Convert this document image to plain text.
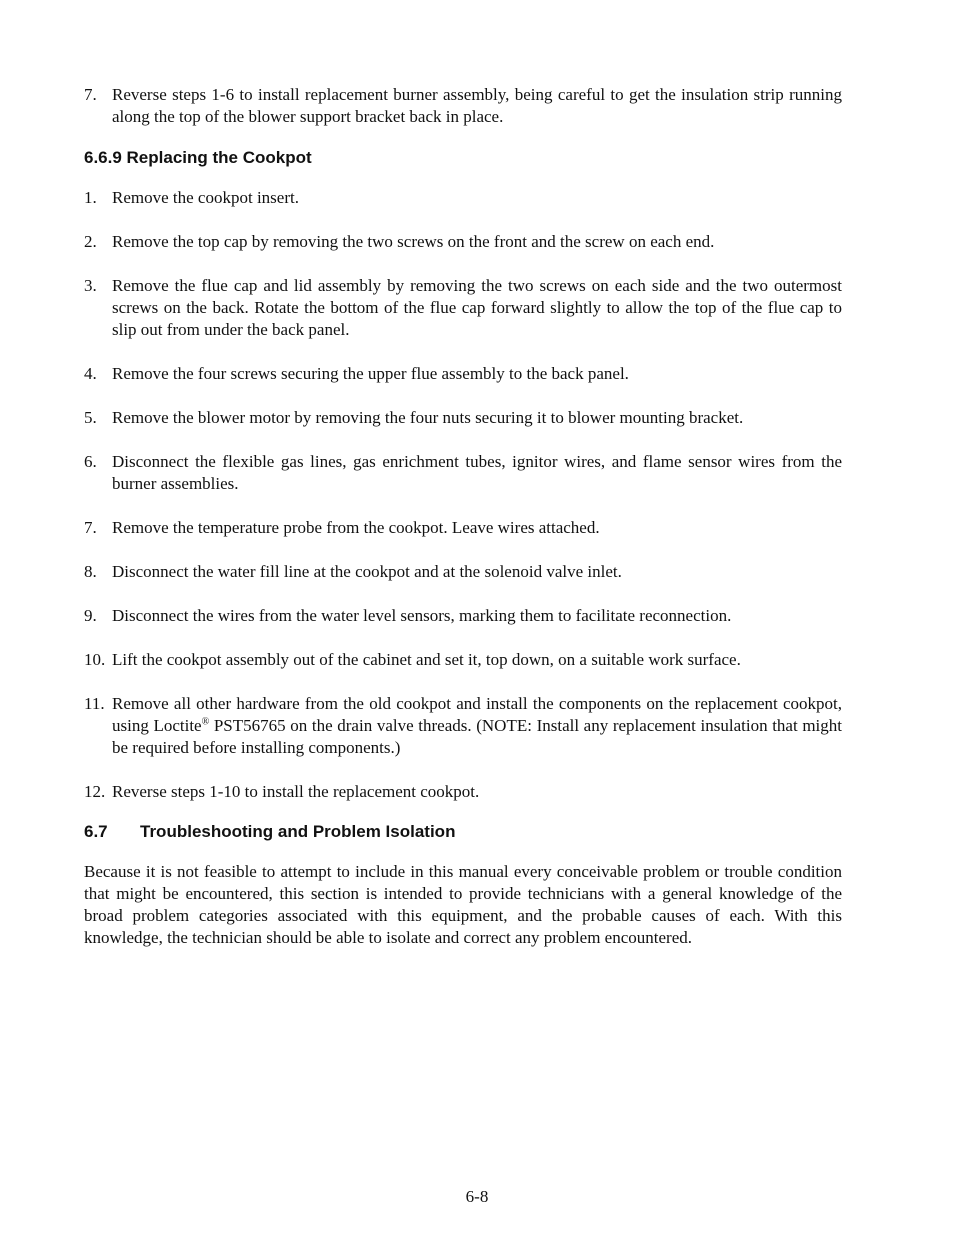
7. Reverse steps 1-6 to install replacement burner assembly, being careful to get the insulation strip running along the top of the blower support bracket back in place.
6.6.9 Replacing the Cookpot
1. Remove the cookpot insert.
2. Remove the top cap by removing the two screws on the front and the screw on each end.
3. Remove the flue cap and lid assembly by removing the two screws on each side and the two outermost screws on the back. Rotate the bottom of the flue cap forward slightly to allow the top of the flue cap to slip out from under the back panel.
4. Remove the four screws securing the upper flue assembly to the back panel.
5. Remove the blower motor by removing the four nuts securing it to blower mounting bracket.
6. Disconnect the flexible gas lines, gas enrichment tubes, ignitor wires, and flame sensor wires from the burner assemblies.
7. Remove the temperature probe from the cookpot. Leave wires attached.
8. Disconnect the water fill line at the cookpot and at the solenoid valve inlet.
9. Disconnect the wires from the water level sensors, marking them to facilitate reconnection.
10. Lift the cookpot assembly out of the cabinet and set it, top down, on a suitable work surface.
11. Remove all other hardware from the old cookpot and install the components on the replacement cookpot, using Loctite® PST56765 on the drain valve threads. (NOTE: Install any replacement insulation that might be required before installing components.)
12. Reverse steps 1-10 to install the replacement cookpot.
6.7 Troubleshooting and Problem Isolation
Because it is not feasible to attempt to include in this manual every conceivable problem or trouble condition that might be encountered, this section is intended to provide technicians with a general knowledge of the broad problem categories associated with this equipment, and the probable causes of each. With this knowledge, the technician should be able to isolate and correct any problem encountered.
6-8
